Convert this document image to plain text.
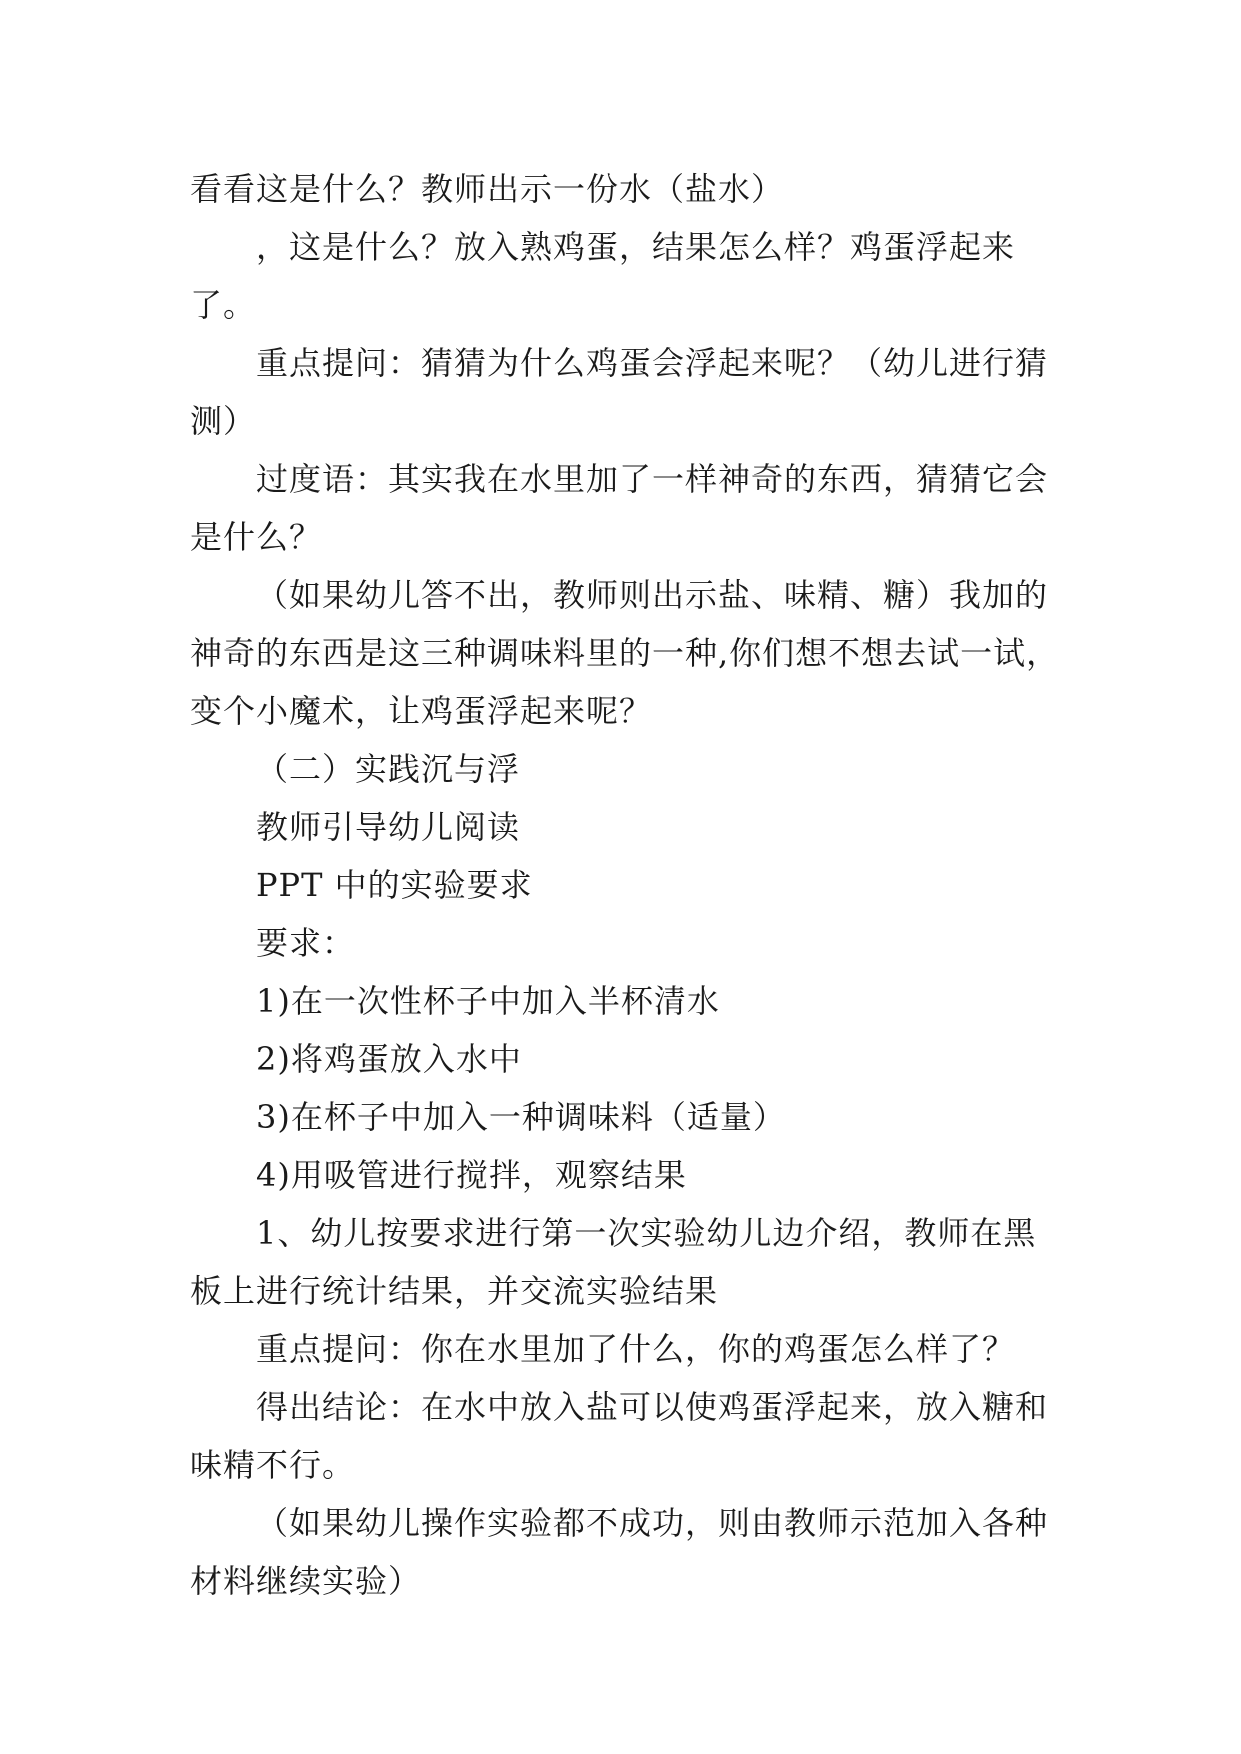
看看这是什么？教师出示一份水（盐水）

，这是什么？放入熟鸡蛋，结果怎么样？鸡蛋浮起来了。

重点提问：猜猜为什么鸡蛋会浮起来呢？（幼儿进行猜测）

过度语：其实我在水里加了一样神奇的东西，猜猜它会是什么？

（如果幼儿答不出，教师则出示盐、味精、糖）我加的神奇的东西是这三种调味料里的一种,你们想不想去试一试，变个小魔术，让鸡蛋浮起来呢？

（二）实践沉与浮

教师引导幼儿阅读

PPT 中的实验要求

要求：

1)在一次性杯子中加入半杯清水

2)将鸡蛋放入水中

3)在杯子中加入一种调味料（适量）

4)用吸管进行搅拌，观察结果

1、幼儿按要求进行第一次实验幼儿边介绍，教师在黑板上进行统计结果，并交流实验结果

重点提问：你在水里加了什么，你的鸡蛋怎么样了？

得出结论：在水中放入盐可以使鸡蛋浮起来，放入糖和味精不行。

（如果幼儿操作实验都不成功，则由教师示范加入各种材料继续实验）
